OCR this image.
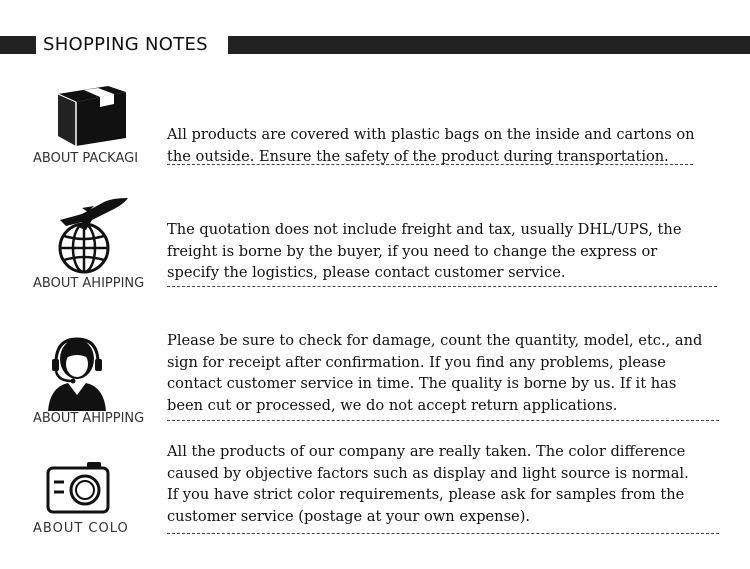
SHOPPING NOTES
ABOUT PACKAGI
All products are covered with plastic bags on the inside and cartons on
the outside. Ensure the safety of the product during transportation.
ABOUT AHIPPING
The quotation does not include freight and tax, usually DHL/UPS, the
freight is borne by the buyer, if you need to change the express or
specify the logistics, please contact customer service.
ABOUT AHIPPING
Please be sure to check for damage, count the quantity, model, etc., and
sign for receipt after confirmation. If you find any problems, please
contact customer service in time. The quality is borne by us. If it has
been cut or processed, we do not accept return applications.
ABOUT COLO
All the products of our company are really taken. The color difference
caused by objective factors such as display and light source is normal.
If you have strict color requirements, please ask for samples from the
customer service (postage at your own expense).
